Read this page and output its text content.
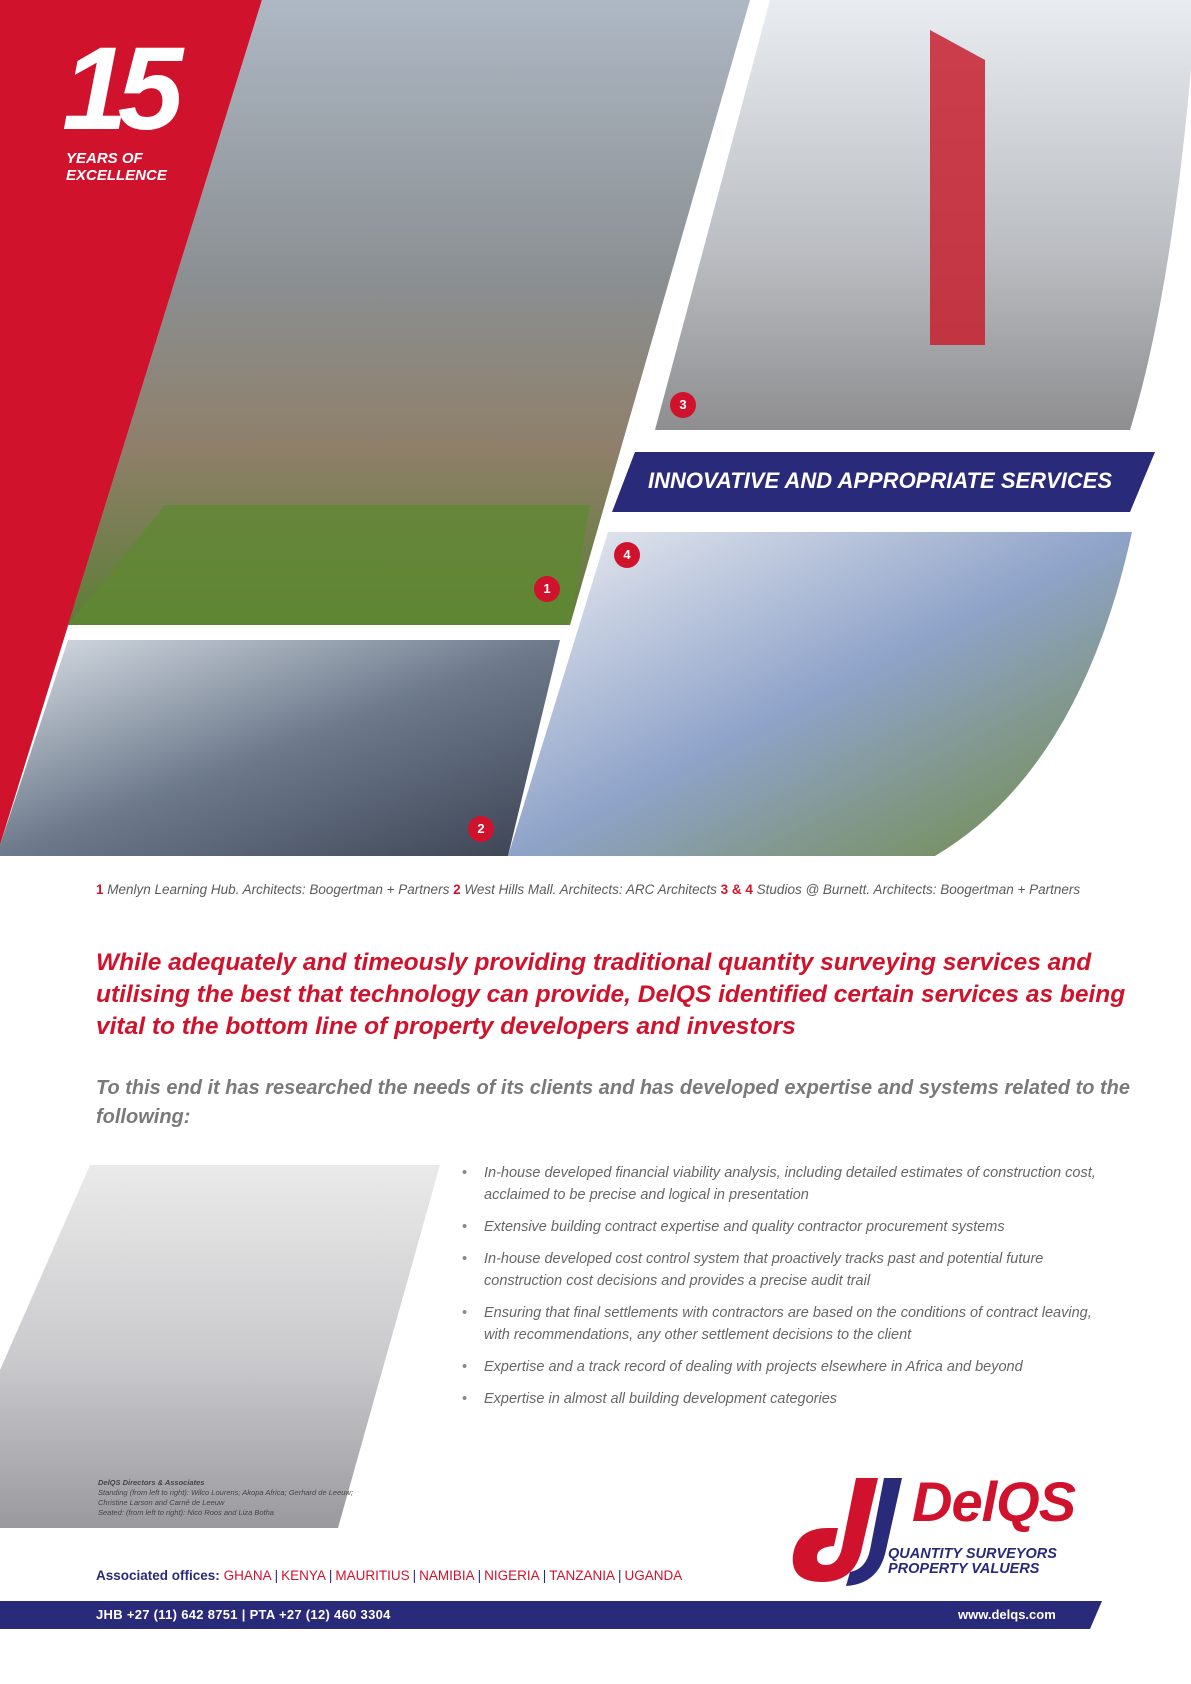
15
YEARS OF
EXCELLENCE
1
2
3
4
INNOVATIVE AND APPROPRIATE SERVICES
1 Menlyn Learning Hub. Architects: Boogertman + Partners 2 West Hills Mall. Architects: ARC Architects 3 & 4 Studios @ Burnett. Architects: Boogertman + Partners
While adequately and timeously providing traditional quantity surveying services and utilising the best that technology can provide, DelQS identified certain services as being vital to the bottom line of property developers and investors
To this end it has researched the needs of its clients and has developed expertise and systems related to the following:
• In-house developed financial viability analysis, including detailed estimates of construction cost, acclaimed to be precise and logical in presentation
• Extensive building contract expertise and quality contractor procurement systems
• In-house developed cost control system that proactively tracks past and potential future construction cost decisions and provides a precise audit trail
• Ensuring that final settlements with contractors are based on the conditions of contract leaving, with recommendations, any other settlement decisions to the client
• Expertise and a track record of dealing with projects elsewhere in Africa and beyond
• Expertise in almost all building development categories
DelQS Directors & Associates
Standing (from left to right): Wilco Lourens; Akopa Africa; Gerhard de Leeuw; Christine Larson and Carné de Leeuw
Seated: (from left to right): Nico Roos and Liza Botha
Associated offices: GHANA | KENYA | MAURITIUS | NAMIBIA | NIGERIA | TANZANIA | UGANDA
DelQS
QUANTITY SURVEYORS
PROPERTY VALUERS
JHB +27 (11) 642 8751 | PTA +27 (12) 460 3304	www.delqs.com
